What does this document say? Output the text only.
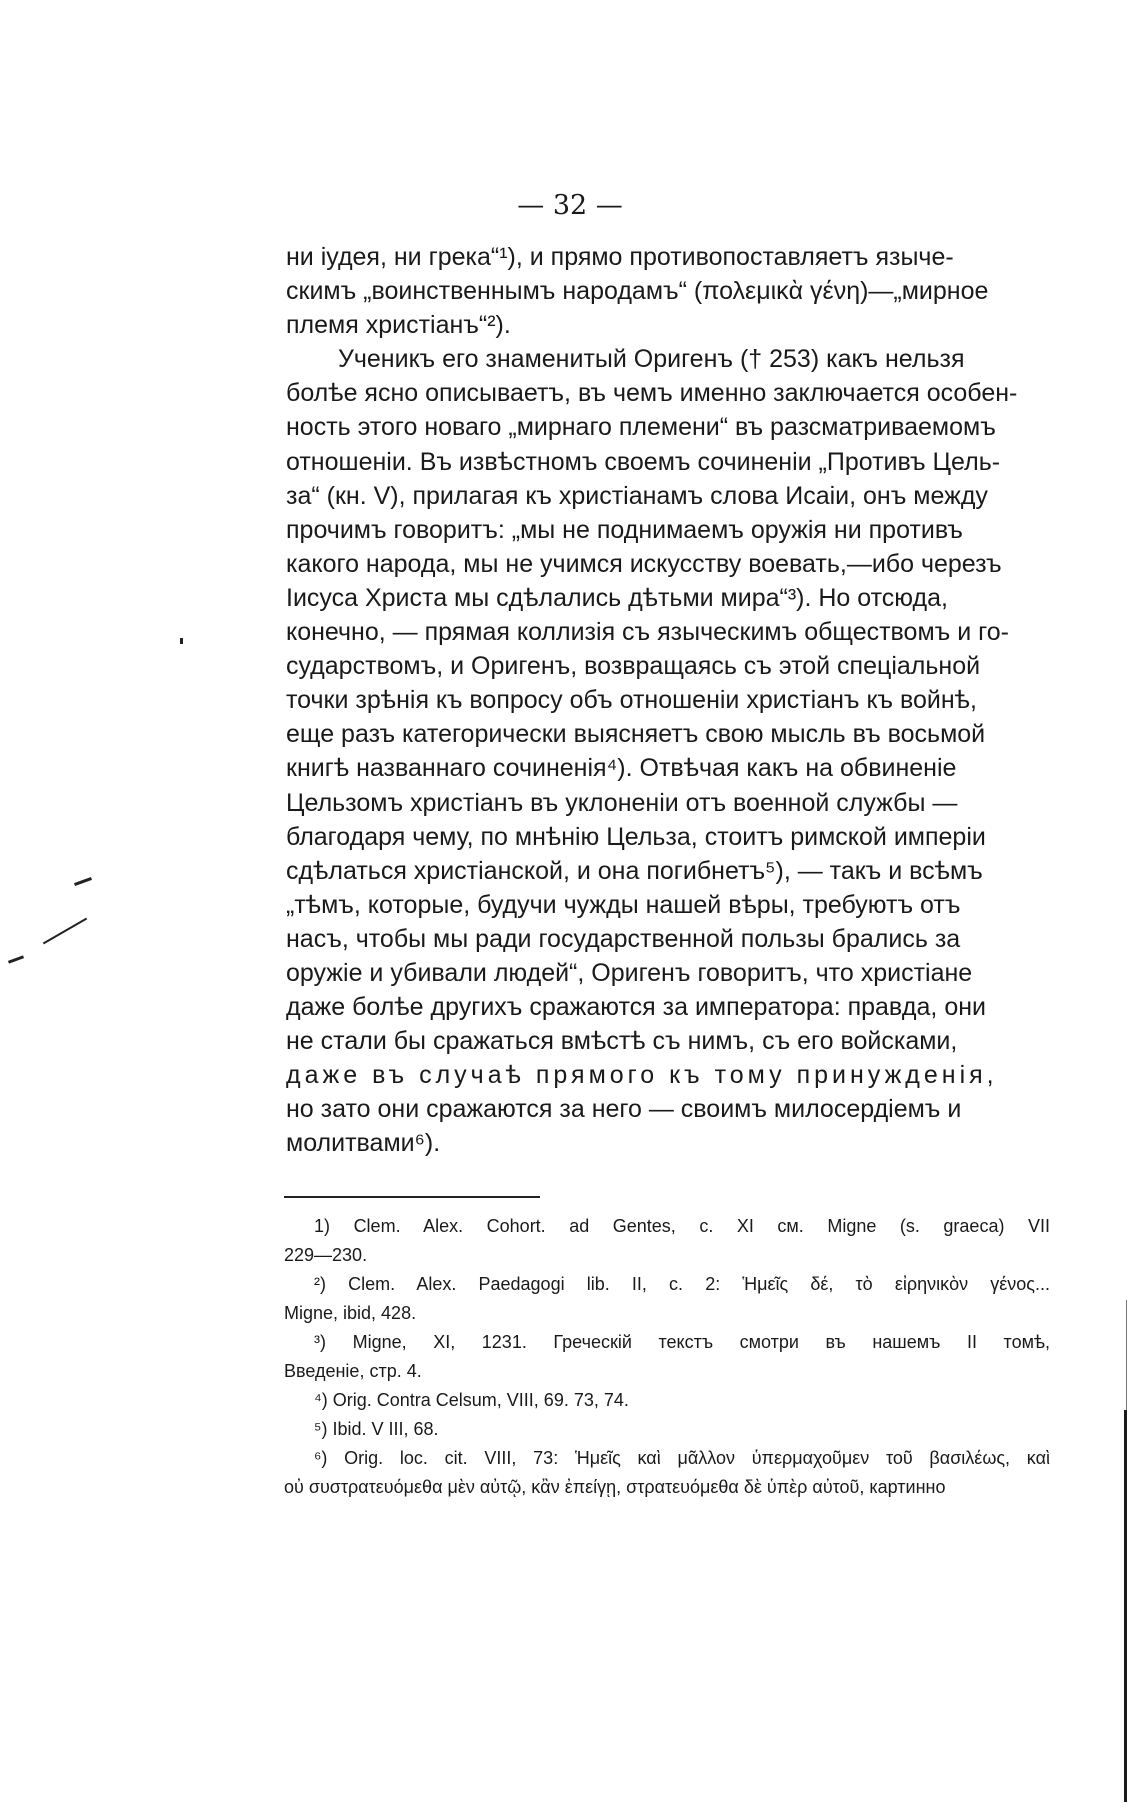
— 32 —

ни іудея, ни грека“¹), и прямо противопоставляетъ языче-

скимъ „воинственнымъ народамъ“ (πολεμικὰ γένη)—„мирное

племя христіанъ“²).

Ученикъ его знаменитый Оригенъ († 253) какъ нельзя

болѣе ясно описываетъ, въ чемъ именно заключается особен-

ность этого новаго „мирнаго племени“ въ разсматриваемомъ

отношеніи. Въ извѣстномъ своемъ сочиненіи „Противъ Цель-

за“ (кн. V), прилагая къ христіанамъ слова Исаіи, онъ между

прочимъ говоритъ: „мы не поднимаемъ оружія ни противъ

какого народа, мы не учимся искусству воевать,—ибо черезъ

Іисуса Христа мы сдѣлались дѣтьми мира“³). Но отсюда,

конечно, — прямая коллизія съ языческимъ обществомъ и го-

сударствомъ, и Оригенъ, возвращаясь съ этой спеціальной

точки зрѣнія къ вопросу объ отношеніи христіанъ къ войнѣ,

еще разъ категорически выясняетъ свою мысль въ восьмой

книгѣ названнаго сочиненія⁴). Отвѣчая какъ на обвиненіе

Цельзомъ христіанъ въ уклоненіи отъ военной службы —

благодаря чему, по мнѣнію Цельза, стоитъ римской имперіи

сдѣлаться христіанской, и она погибнетъ⁵), — такъ и всѣмъ

„тѣмъ, которые, будучи чужды нашей вѣры, требуютъ отъ

насъ, чтобы мы ради государственной пользы брались за

оружіе и убивали людей“, Оригенъ говоритъ, что христіане

даже болѣе другихъ сражаются за императора: правда, они

не стали бы сражаться вмѣстѣ съ нимъ, съ его войсками,

даже въ случаѣ прямого къ тому принужденія,

но зато они сражаются за него — своимъ милосердіемъ и

молитвами⁶).

1) Clem. Alex. Cohort. ad Gentes, c. XI см. Migne (s. graeca) VII

229—230.

²) Clem. Alex. Paedagogi lib. II, c. 2: Ἡμεῖς δέ, τὸ εἰρηνικὸν γένος...

Migne, ibid, 428.

³) Migne, XI, 1231. Греческій текстъ смотри въ нашемъ II томѣ,

Введеніе, стр. 4.

⁴) Orig. Contra Celsum, VIII, 69. 73, 74.

⁵) Ibid. V III, 68.

⁶) Orig. loc. cit. VIII, 73: Ἡμεῖς καὶ μᾶλλον ὑπερμαχοῦμεν τοῦ βασιλέως, καὶ

οὐ συστρατευόμεθα μὲν αὐτῷ, κἂν ἐπείγῃ, στρατευόμεθα δὲ ὑπὲρ αὐτοῦ, картинно
